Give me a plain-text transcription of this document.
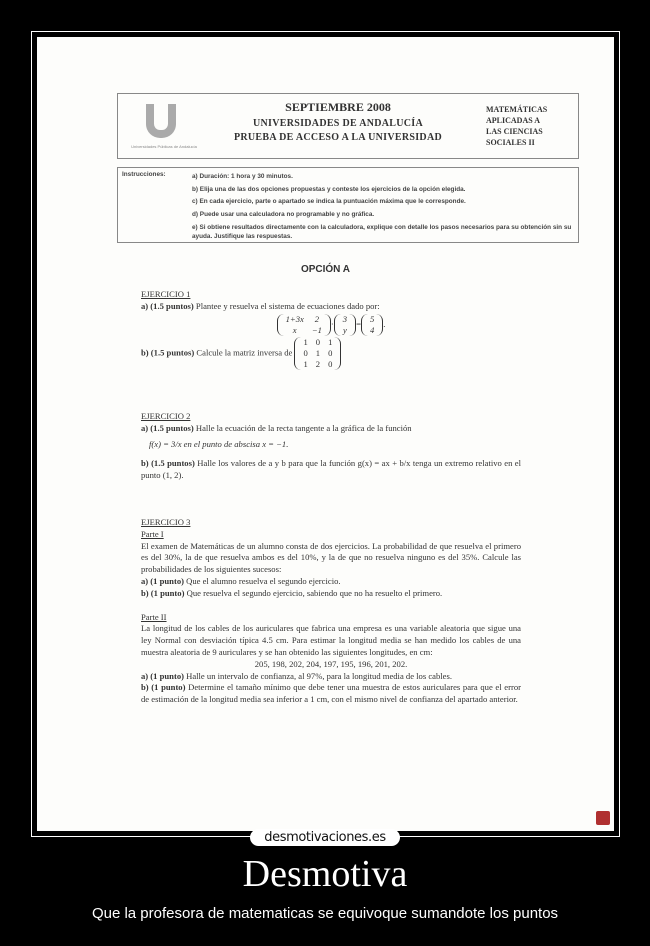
Universidades Públicas de Andalucía
SEPTIEMBRE 2008
UNIVERSIDADES DE ANDALUCÍA
PRUEBA DE ACCESO A LA UNIVERSIDAD
MATEMÁTICAS
APLICADAS A
LAS CIENCIAS
SOCIALES II
Instrucciones:	a) Duración: 1 hora y 30 minutos.
b) Elija una de las dos opciones propuestas y conteste los ejercicios de la opción elegida.
c) En cada ejercicio, parte o apartado se indica la puntuación máxima que le corresponde.
d) Puede usar una calculadora no programable y no gráfica.
e) Si obtiene resultados directamente con la calculadora, explique con detalle los pasos necesarios para su obtención sin su ayuda. Justifique las respuestas.
OPCIÓN A
EJERCICIO 1
a) (1.5 puntos) Plantee y resuelva el sistema de ecuaciones dado por:
1+3x	2
x	−1
· 3
y
= 5
4
.
b) (1.5 puntos) Calcule la matriz inversa de
1	0	1
0	1	0
1	2	0
EJERCICIO 2
a) (1.5 puntos) Halle la ecuación de la recta tangente a la gráfica de la función
f(x) = 3/x en el punto de abscisa x = −1.
b) (1.5 puntos) Halle los valores de a y b para que la función g(x) = ax + b/x tenga un extremo relativo en el punto (1, 2).
EJERCICIO 3
Parte I
El examen de Matemáticas de un alumno consta de dos ejercicios. La probabilidad de que resuelva el primero es del 30%, la de que resuelva ambos es del 10%, y la de que no resuelva ninguno es del 35%. Calcule las probabilidades de los siguientes sucesos:
a) (1 punto) Que el alumno resuelva el segundo ejercicio.
b) (1 punto) Que resuelva el segundo ejercicio, sabiendo que no ha resuelto el primero.
Parte II
La longitud de los cables de los auriculares que fabrica una empresa es una variable aleatoria que sigue una ley Normal con desviación típica 4.5 cm. Para estimar la longitud media se han medido los cables de una muestra aleatoria de 9 auriculares y se han obtenido las siguientes longitudes, en cm:
205, 198, 202, 204, 197, 195, 196, 201, 202.
a) (1 punto) Halle un intervalo de confianza, al 97%, para la longitud media de los cables.
b) (1 punto) Determine el tamaño mínimo que debe tener una muestra de estos auriculares para que el error de estimación de la longitud media sea inferior a 1 cm, con el mismo nivel de confianza del apartado anterior.
desmotivaciones.es
Desmotiva
Que la profesora de matematicas se equivoque sumandote los puntos
